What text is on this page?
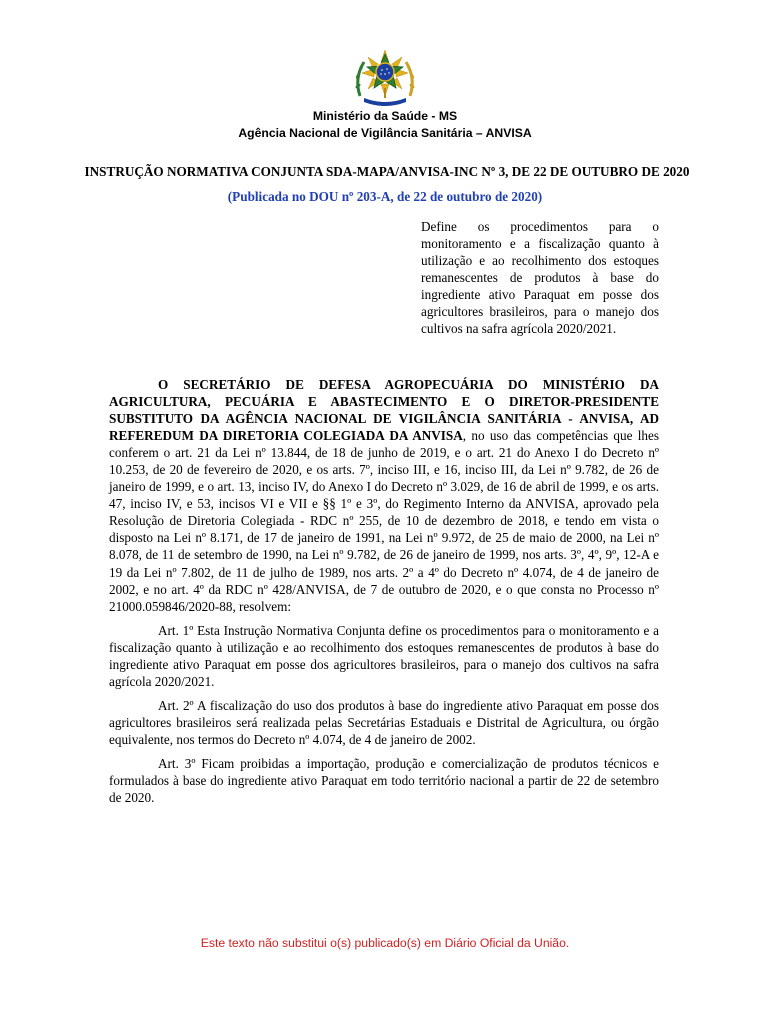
Ministério da Saúde - MS
Agência Nacional de Vigilância Sanitária – ANVISA
INSTRUÇÃO NORMATIVA CONJUNTA SDA-MAPA/ANVISA-INC Nº 3, DE 22 DE OUTUBRO DE 2020
(Publicada no DOU nº 203-A, de 22 de outubro de 2020)
Define os procedimentos para o monitoramento e a fiscalização quanto à utilização e ao recolhimento dos estoques remanescentes de produtos à base do ingrediente ativo Paraquat em posse dos agricultores brasileiros, para o manejo dos cultivos na safra agrícola 2020/2021.

O SECRETÁRIO DE DEFESA AGROPECUÁRIA DO MINISTÉRIO DA AGRICULTURA, PECUÁRIA E ABASTECIMENTO E O DIRETOR-PRESIDENTE SUBSTITUTO DA AGÊNCIA NACIONAL DE VIGILÂNCIA SANITÁRIA - ANVISA, AD REFEREDUM DA DIRETORIA COLEGIADA DA ANVISA, no uso das competências que lhes conferem o art. 21 da Lei nº 13.844, de 18 de junho de 2019, e o art. 21 do Anexo I do Decreto nº 10.253, de 20 de fevereiro de 2020, e os arts. 7º, inciso III, e 16, inciso III, da Lei nº 9.782, de 26 de janeiro de 1999, e o art. 13, inciso IV, do Anexo I do Decreto nº 3.029, de 16 de abril de 1999, e os arts. 47, inciso IV, e 53, incisos VI e VII e §§ 1º e 3º, do Regimento Interno da ANVISA, aprovado pela Resolução de Diretoria Colegiada - RDC nº 255, de 10 de dezembro de 2018, e tendo em vista o disposto na Lei nº 8.171, de 17 de janeiro de 1991, na Lei nº 9.972, de 25 de maio de 2000, na Lei nº 8.078, de 11 de setembro de 1990, na Lei nº 9.782, de 26 de janeiro de 1999, nos arts. 3º, 4º, 9º, 12-A e 19 da Lei nº 7.802, de 11 de julho de 1989, nos arts. 2º a 4º do Decreto nº 4.074, de 4 de janeiro de 2002, e no art. 4º da RDC nº 428/ANVISA, de 7 de outubro de 2020, e o que consta no Processo nº 21000.059846/2020-88, resolvem:

Art. 1º Esta Instrução Normativa Conjunta define os procedimentos para o monitoramento e a fiscalização quanto à utilização e ao recolhimento dos estoques remanescentes de produtos à base do ingrediente ativo Paraquat em posse dos agricultores brasileiros, para o manejo dos cultivos na safra agrícola 2020/2021.

Art. 2º A fiscalização do uso dos produtos à base do ingrediente ativo Paraquat em posse dos agricultores brasileiros será realizada pelas Secretárias Estaduais e Distrital de Agricultura, ou órgão equivalente, nos termos do Decreto nº 4.074, de 4 de janeiro de 2002.

Art. 3º Ficam proibidas a importação, produção e comercialização de produtos técnicos e formulados à base do ingrediente ativo Paraquat em todo território nacional a partir de 22 de setembro de 2020.

Este texto não substitui o(s) publicado(s) em Diário Oficial da União.
